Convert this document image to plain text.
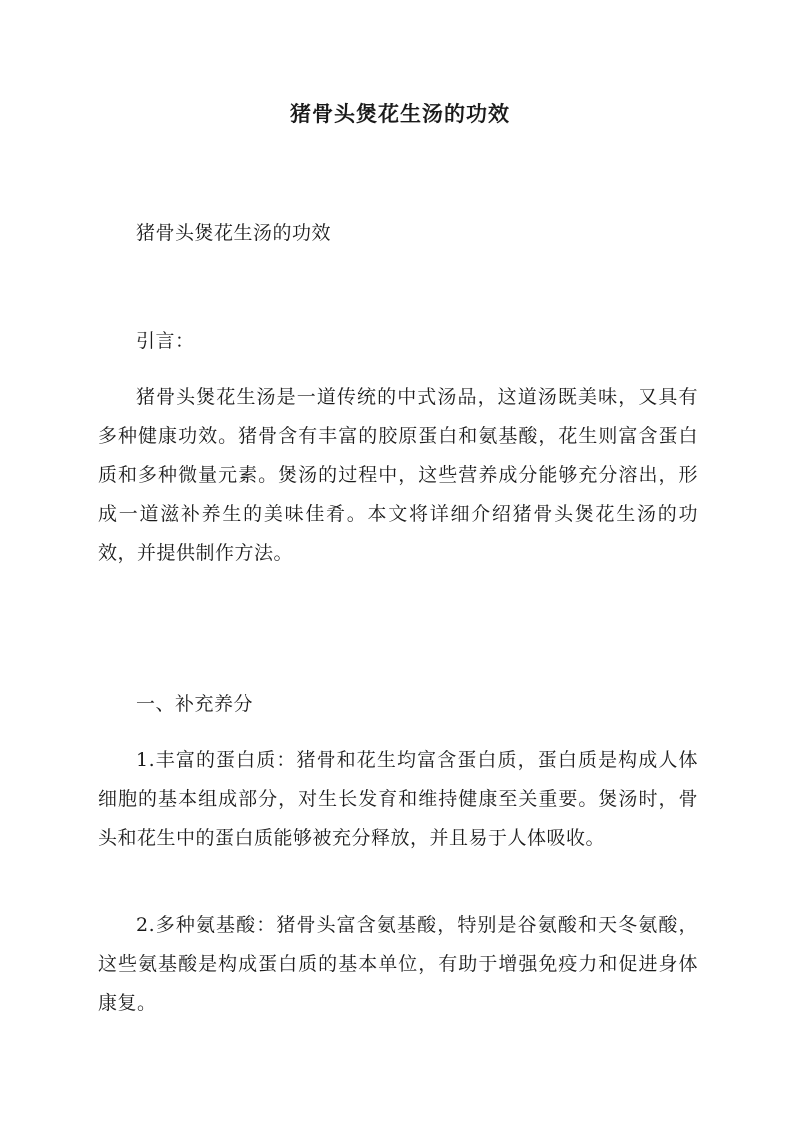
猪骨头煲花生汤的功效
猪骨头煲花生汤的功效
引言：
猪骨头煲花生汤是一道传统的中式汤品，这道汤既美味，又具有多种健康功效。猪骨含有丰富的胶原蛋白和氨基酸，花生则富含蛋白质和多种微量元素。煲汤的过程中，这些营养成分能够充分溶出，形成一道滋补养生的美味佳肴。本文将详细介绍猪骨头煲花生汤的功效，并提供制作方法。
一、补充养分
1.丰富的蛋白质：猪骨和花生均富含蛋白质，蛋白质是构成人体细胞的基本组成部分，对生长发育和维持健康至关重要。煲汤时，骨头和花生中的蛋白质能够被充分释放，并且易于人体吸收。
2.多种氨基酸：猪骨头富含氨基酸，特别是谷氨酸和天冬氨酸，这些氨基酸是构成蛋白质的基本单位，有助于增强免疫力和促进身体康复。
